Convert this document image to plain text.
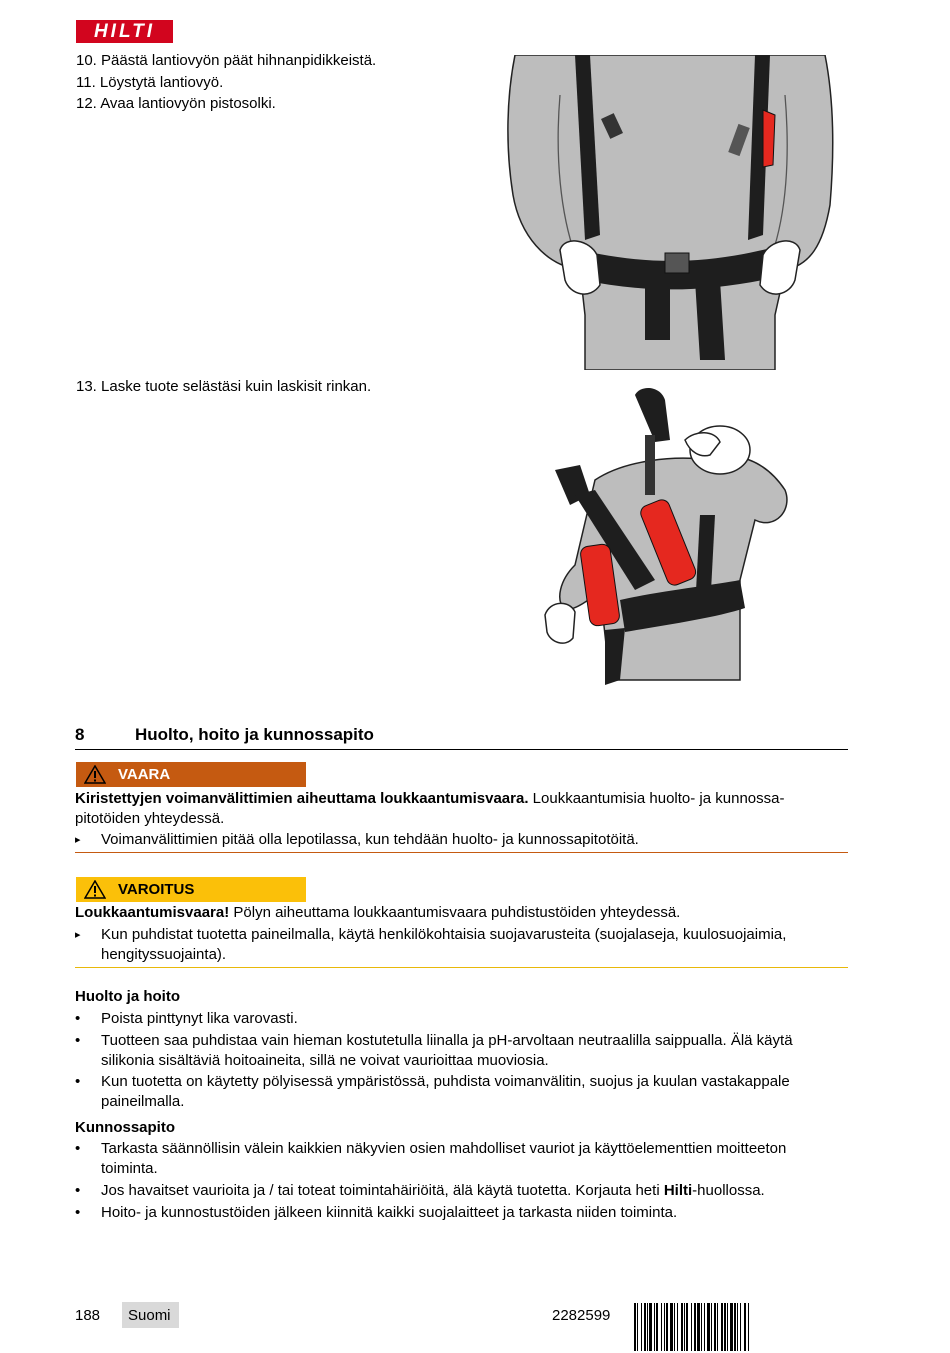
HILTI
10. Päästä lantiovyön päät hihnanpidikkeistä.
11. Löystytä lantiovyö.
12. Avaa lantiovyön pistosolki.
13. Laske tuote selästäsi kuin laskisit rinkan.
8	Huolto, hoito ja kunnossapito
VAARA
Kiristettyjen voimanvälittimien aiheuttama loukkaantumisvaara. Loukkaantumisia huolto- ja kunnossa-
pitotöiden yhteydessä.
▸	Voimanvälittimien pitää olla lepotilassa, kun tehdään huolto- ja kunnossapitotöitä.
VAROITUS
Loukkaantumisvaara! Pölyn aiheuttama loukkaantumisvaara puhdistustöiden yhteydessä.
▸	Kun puhdistat tuotetta paineilmalla, käytä henkilökohtaisia suojavarusteita (suojalaseja, kuulosuojaimia,
hengityssuojainta).
Huolto ja hoito
•	Poista pinttynyt lika varovasti.
•	Tuotteen saa puhdistaa vain hieman kostutetulla liinalla ja pH-arvoltaan neutraalilla saippualla. Älä käytä
silikonia sisältäviä hoitoaineita, sillä ne voivat vaurioittaa muoviosia.
•	Kun tuotetta on käytetty pölyisessä ympäristössä, puhdista voimanvälitin, suojus ja kuulan vastakappale
paineilmalla.
Kunnossapito
•	Tarkasta säännöllisin välein kaikkien näkyvien osien mahdolliset vauriot ja käyttöelementtien moitteeton
toiminta.
•	Jos havaitset vaurioita ja / tai toteat toimintahäiriöitä, älä käytä tuotetta. Korjauta heti Hilti-huollossa.
•	Hoito- ja kunnostustöiden jälkeen kiinnitä kaikki suojalaitteet ja tarkasta niiden toiminta.
188 Suomi	2282599
